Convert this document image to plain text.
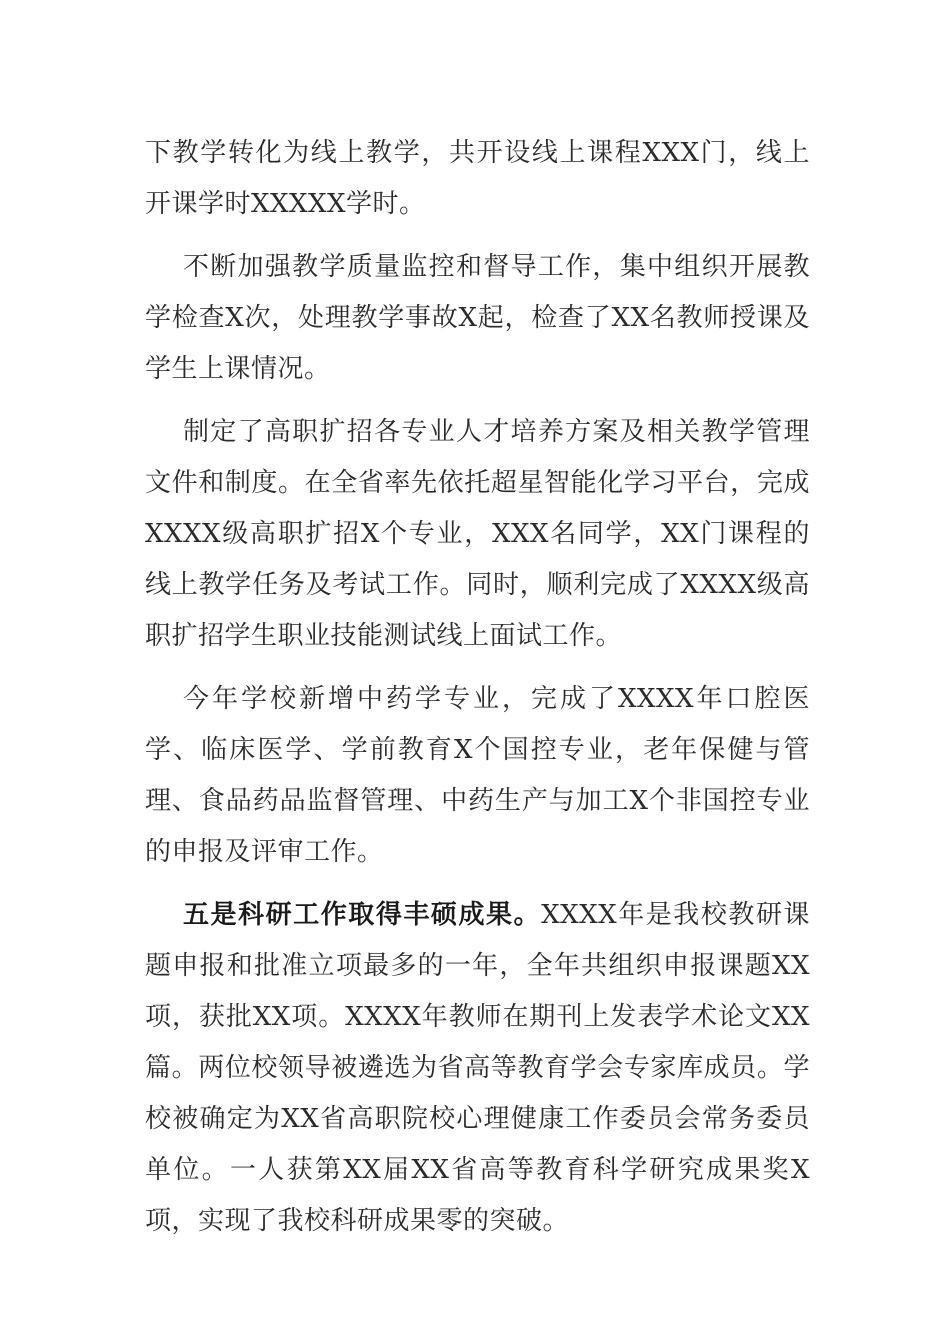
下教学转化为线上教学，共开设线上课程XXX门，线上开课学时XXXXX学时。

不断加强教学质量监控和督导工作，集中组织开展教学检查X次，处理教学事故X起，检查了XX名教师授课及学生上课情况。

制定了高职扩招各专业人才培养方案及相关教学管理文件和制度。在全省率先依托超星智能化学习平台，完成XXXX级高职扩招X个专业，XXX名同学，XX门课程的线上教学任务及考试工作。同时，顺利完成了XXXX级高职扩招学生职业技能测试线上面试工作。

今年学校新增中药学专业，完成了XXXX年口腔医学、临床医学、学前教育X个国控专业，老年保健与管理、食品药品监督管理、中药生产与加工X个非国控专业的申报及评审工作。

五是科研工作取得丰硕成果。XXXX年是我校教研课题申报和批准立项最多的一年，全年共组织申报课题XX项，获批XX项。XXXX年教师在期刊上发表学术论文XX篇。两位校领导被遴选为省高等教育学会专家库成员。学校被确定为XX省高职院校心理健康工作委员会常务委员单位。一人获第XX届XX省高等教育科学研究成果奖X项，实现了我校科研成果零的突破。
